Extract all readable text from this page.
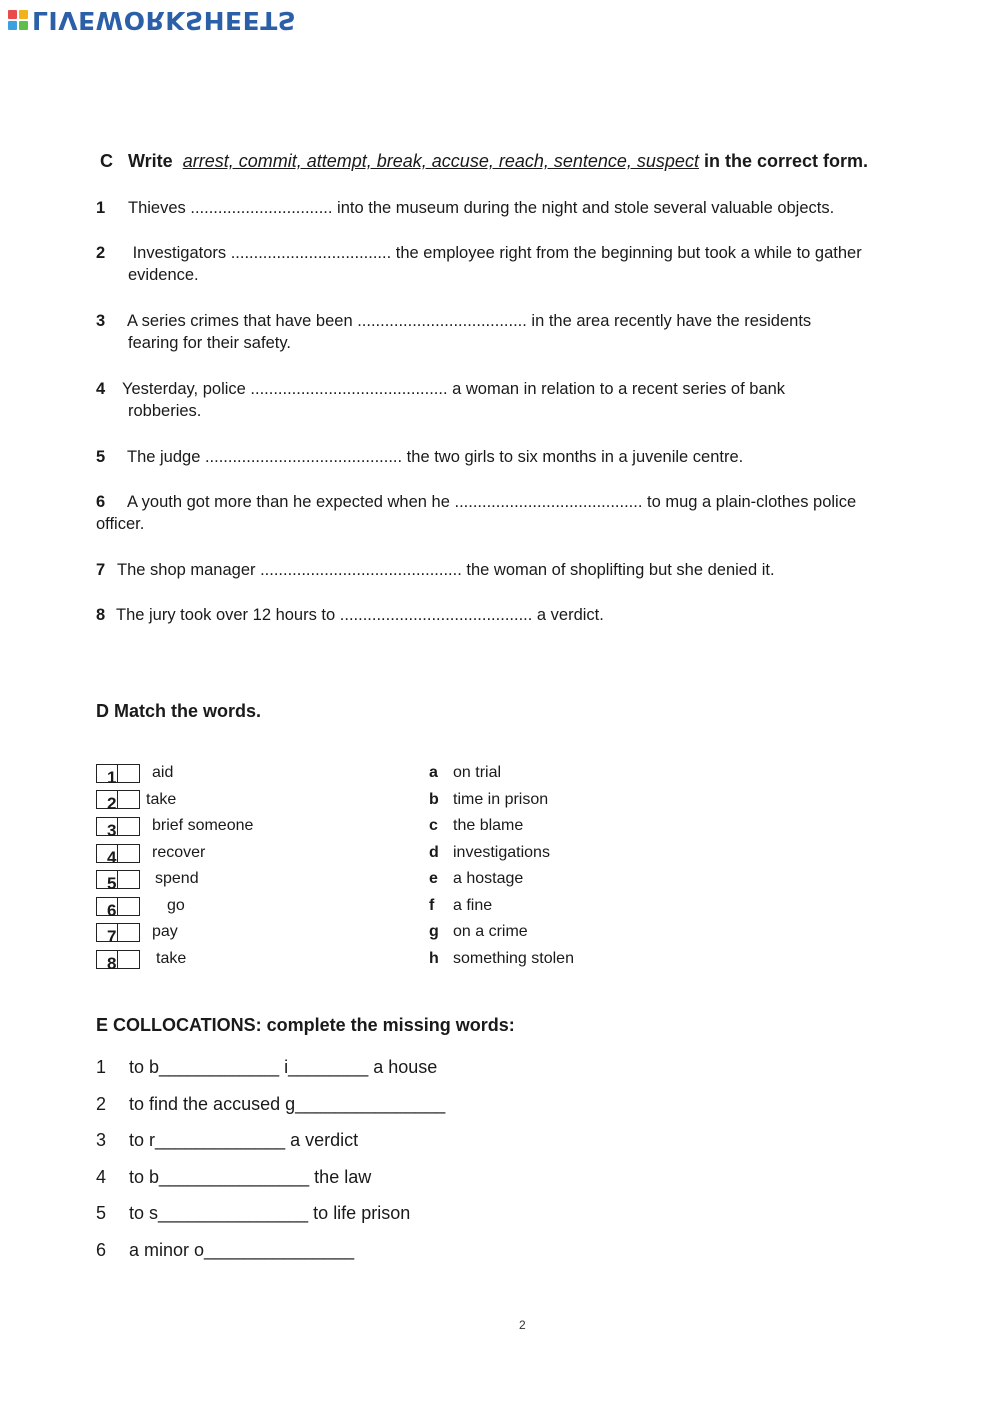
LIVEWORKSHEETS
C Write arrest, commit, attempt, break, accuse, reach, sentence, suspect in the correct form.
1 Thieves ............................... into the museum during the night and stole several valuable objects.
2 Investigators ................................... the employee right from the beginning but took a while to gather
evidence.
3 A series crimes that have been ..................................... in the area recently have the residents
fearing for their safety.
4 Yesterday, police ........................................... a woman in relation to a recent series of bank
robberies.
5 The judge ........................................... the two girls to six months in a juvenile centre.
6 A youth got more than he expected when he ......................................... to mug a plain-clothes police
officer.
7 The shop manager ............................................ the woman of shoplifting but she denied it.
8 The jury took over 12 hours to .......................................... a verdict.
D Match the words.
1 aid
2 take
3 brief someone
4 recover
5 spend
6	go
7 pay
8 take
a on trial
b time in prison
c the blame
d investigations
e a hostage
f	a fine
g on a crime
h something stolen
E COLLOCATIONS: complete the missing words:
1 to b____________ i________ a house
2 to find the accused g_______________
3 to r_____________ a verdict
4 to b_______________ the law
5 to s_______________ to life prison
6 a minor o_______________
2
